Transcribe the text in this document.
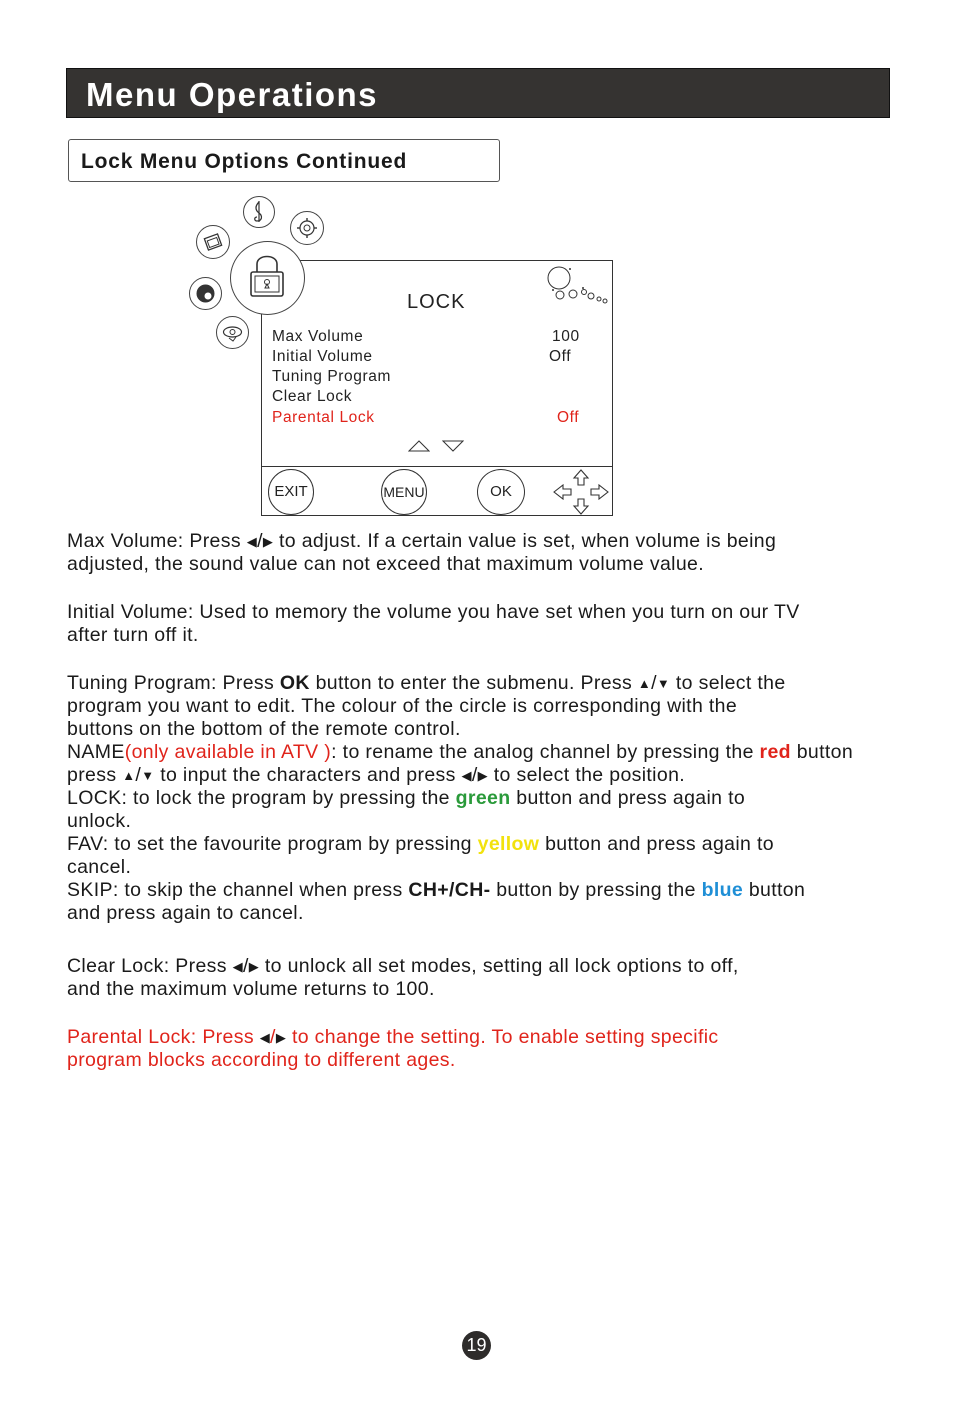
Menu Operations
Lock Menu Options Continued
LOCK
Max Volume	100
Initial Volume	Off
Tuning Program
Clear Lock
Parental Lock	Off
EXIT	MENU	OK
Max Volume: Press ◀/▶ to adjust. If a certain value is set, when volume is being
adjusted, the sound value can not exceed that maximum volume value.
Initial Volume: Used to memory the volume you have set when you turn on our TV
after turn off it.
Tuning Program: Press OK button to enter the submenu. Press ▲/▼ to select the
program you want to edit. The colour of the circle is corresponding with the
buttons on the bottom of the remote control.
NAME(only available in ATV ): to rename the analog channel by pressing the red button
press ▲/▼ to input the characters and press ◀/▶ to select the position.
LOCK: to lock the program by pressing the green button and press again to
unlock.
FAV: to set the favourite program by pressing yellow button and press again to
cancel.
SKIP: to skip the channel when press CH+/CH- button by pressing the blue button
and press again to cancel.
Clear Lock: Press ◀/▶ to unlock all set modes, setting all lock options to off,
and the maximum volume returns to 100.
Parental Lock: Press ◀/▶ to change the setting. To enable setting specific
program blocks according to different ages.
19
